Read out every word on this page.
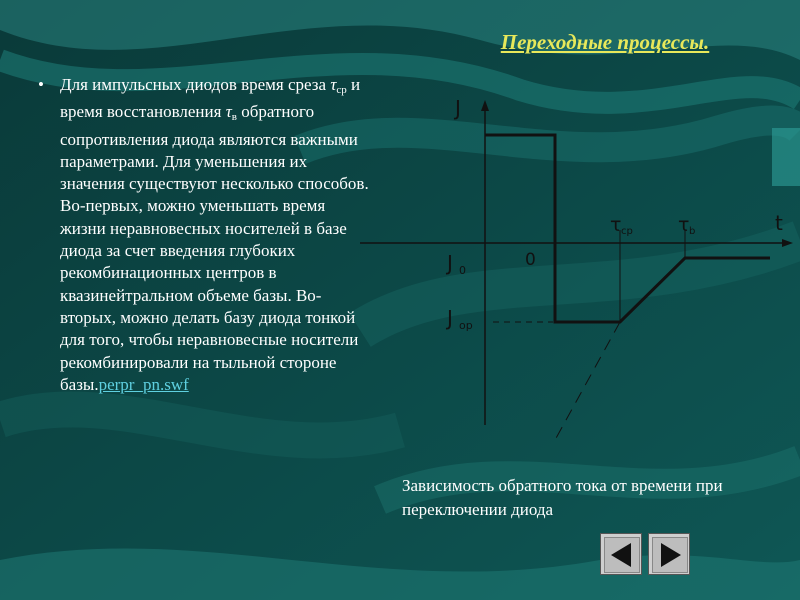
Переходные процессы.
• Для импульсных диодов время среза $\tau_{ср}$ и время восстановления $\tau_в$ обратного сопротивления диода являются важными параметрами. Для уменьшения их значения существуют несколько способов. Во-первых, можно уменьшать время жизни неравновесных носителей в базе диода за счет введения глубоких рекомбинационных центров в квазинейтральном объеме базы. Во-вторых, можно делать базу диода тонкой для того, чтобы неравновесные носители рекомбинировали на тыльной стороне базы.perpr_pn.swf
J
t
0
J 0
J ор
τ ср τ b
Зависимость обратного тока от времени при переключении диода
